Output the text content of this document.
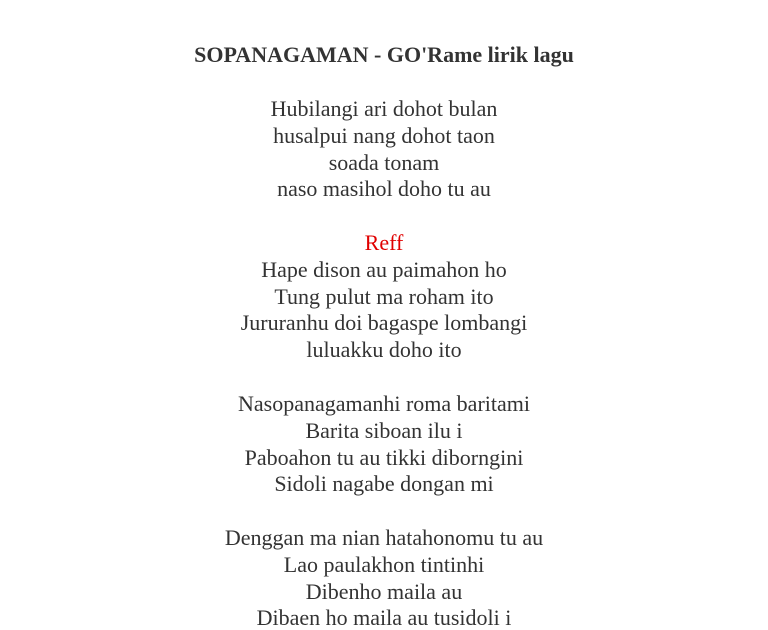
SOPANAGAMAN - GO'Rame lirik lagu
Hubilangi ari dohot bulan
husalpui nang dohot taon
soada tonam
naso masihol doho tu au
Reff
Hape dison au paimahon ho
Tung pulut ma roham ito
Jururanhu doi bagaspe lombangi
luluakku doho ito
Nasopanagamanhi roma baritami
Barita siboan ilu i
Paboahon tu au tikki diborngini
Sidoli nagabe dongan mi
Denggan ma nian hatahonomu tu au
Lao paulakhon tintinhi
Dibenho maila au
Dibaen ho maila au tusidoli i
